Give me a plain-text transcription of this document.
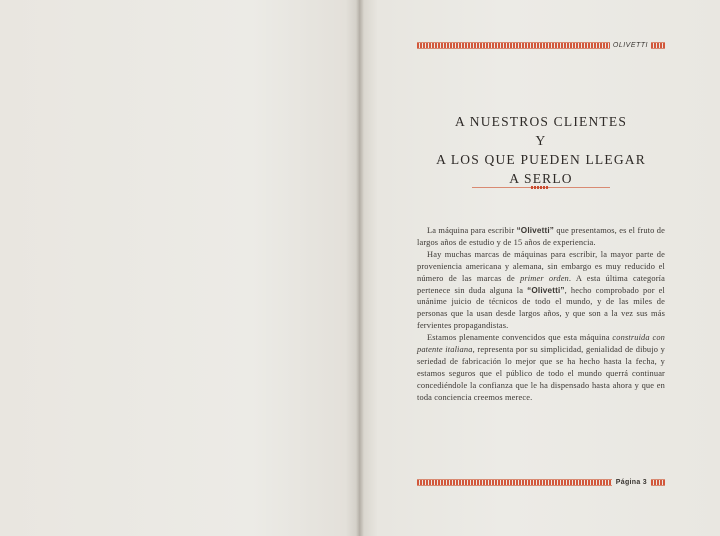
OLIVETTI
A NUESTROS CLIENTES
Y
A LOS QUE PUEDEN LLEGAR
A SERLO

La máquina para escribir “Olivetti” que presentamos, es el fruto de largos años de estudio y de 15 años de experiencia.

Hay muchas marcas de máquinas para escribir, la mayor parte de proveniencia americana y alemana, sin embargo es muy reducido el número de las marcas de primer orden. A esta última categoría pertenece sin duda alguna la “Olivetti”, hecho comprobado por el unánime juicio de técnicos de todo el mundo, y de las miles de personas que la usan desde largos años, y que son a la vez sus más fervientes propagandistas.

Estamos plenamente convencidos que esta máquina construida con patente italiana, representa por su simplicidad, genialidad de dibujo y seriedad de fabricación lo mejor que se ha hecho hasta la fecha, y estamos seguros que el público de todo el mundo querrá continuar concediéndole la confianza que le ha dispensado hasta ahora y que en toda conciencia creemos merece.

Página 3
